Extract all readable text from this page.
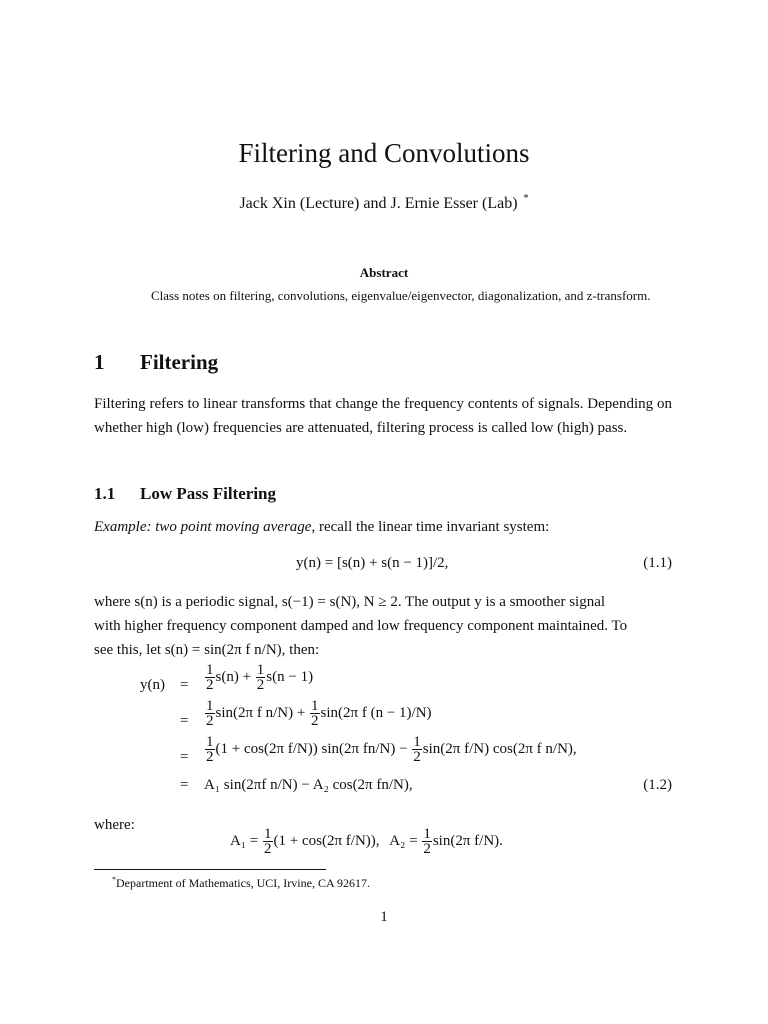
Filtering and Convolutions
Jack Xin (Lecture) and J. Ernie Esser (Lab) *
Abstract
Class notes on filtering, convolutions, eigenvalue/eigenvector, diagonalization, and z-transform.
1 Filtering
Filtering refers to linear transforms that change the frequency contents of signals. Depending on whether high (low) frequencies are attenuated, filtering process is called low (high) pass.
1.1 Low Pass Filtering
Example: two point moving average, recall the linear time invariant system:
y(n) = [s(n) + s(n − 1)]/2,	(1.1)
where s(n) is a periodic signal, s(−1) = s(N), N ≥ 2. The output y is a smoother signal
with higher frequency component damped and low frequency component maintained. To
see this, let s(n) = sin(2π f n/N), then:
$y(n) = \frac{1}{2} s(n) + \frac{1}{2} s(n - 1)$
= $\frac{1}{2} \sin(2\pi$ f $n/N) + \frac{1}{2} \sin(2\pi$ f (n − 1)/N)
= $\frac{1}{2} (1 + \cos(2\pi$ f/N)) sin(2π $fn/N) - \frac{1}{2} \sin(2\pi$ f/N) cos(2π f n/N),
= A₁ sin(2πf n/N) − A₂ cos(2π fn/N),	(1.2)
where:
$A_1 = \frac{1}{2} (1 + \cos(2\pi$ f/N)), $A_2 = \frac{1}{2} \sin(2\pi$ f/N).
*Department of Mathematics, UCI, Irvine, CA 92617.
1
